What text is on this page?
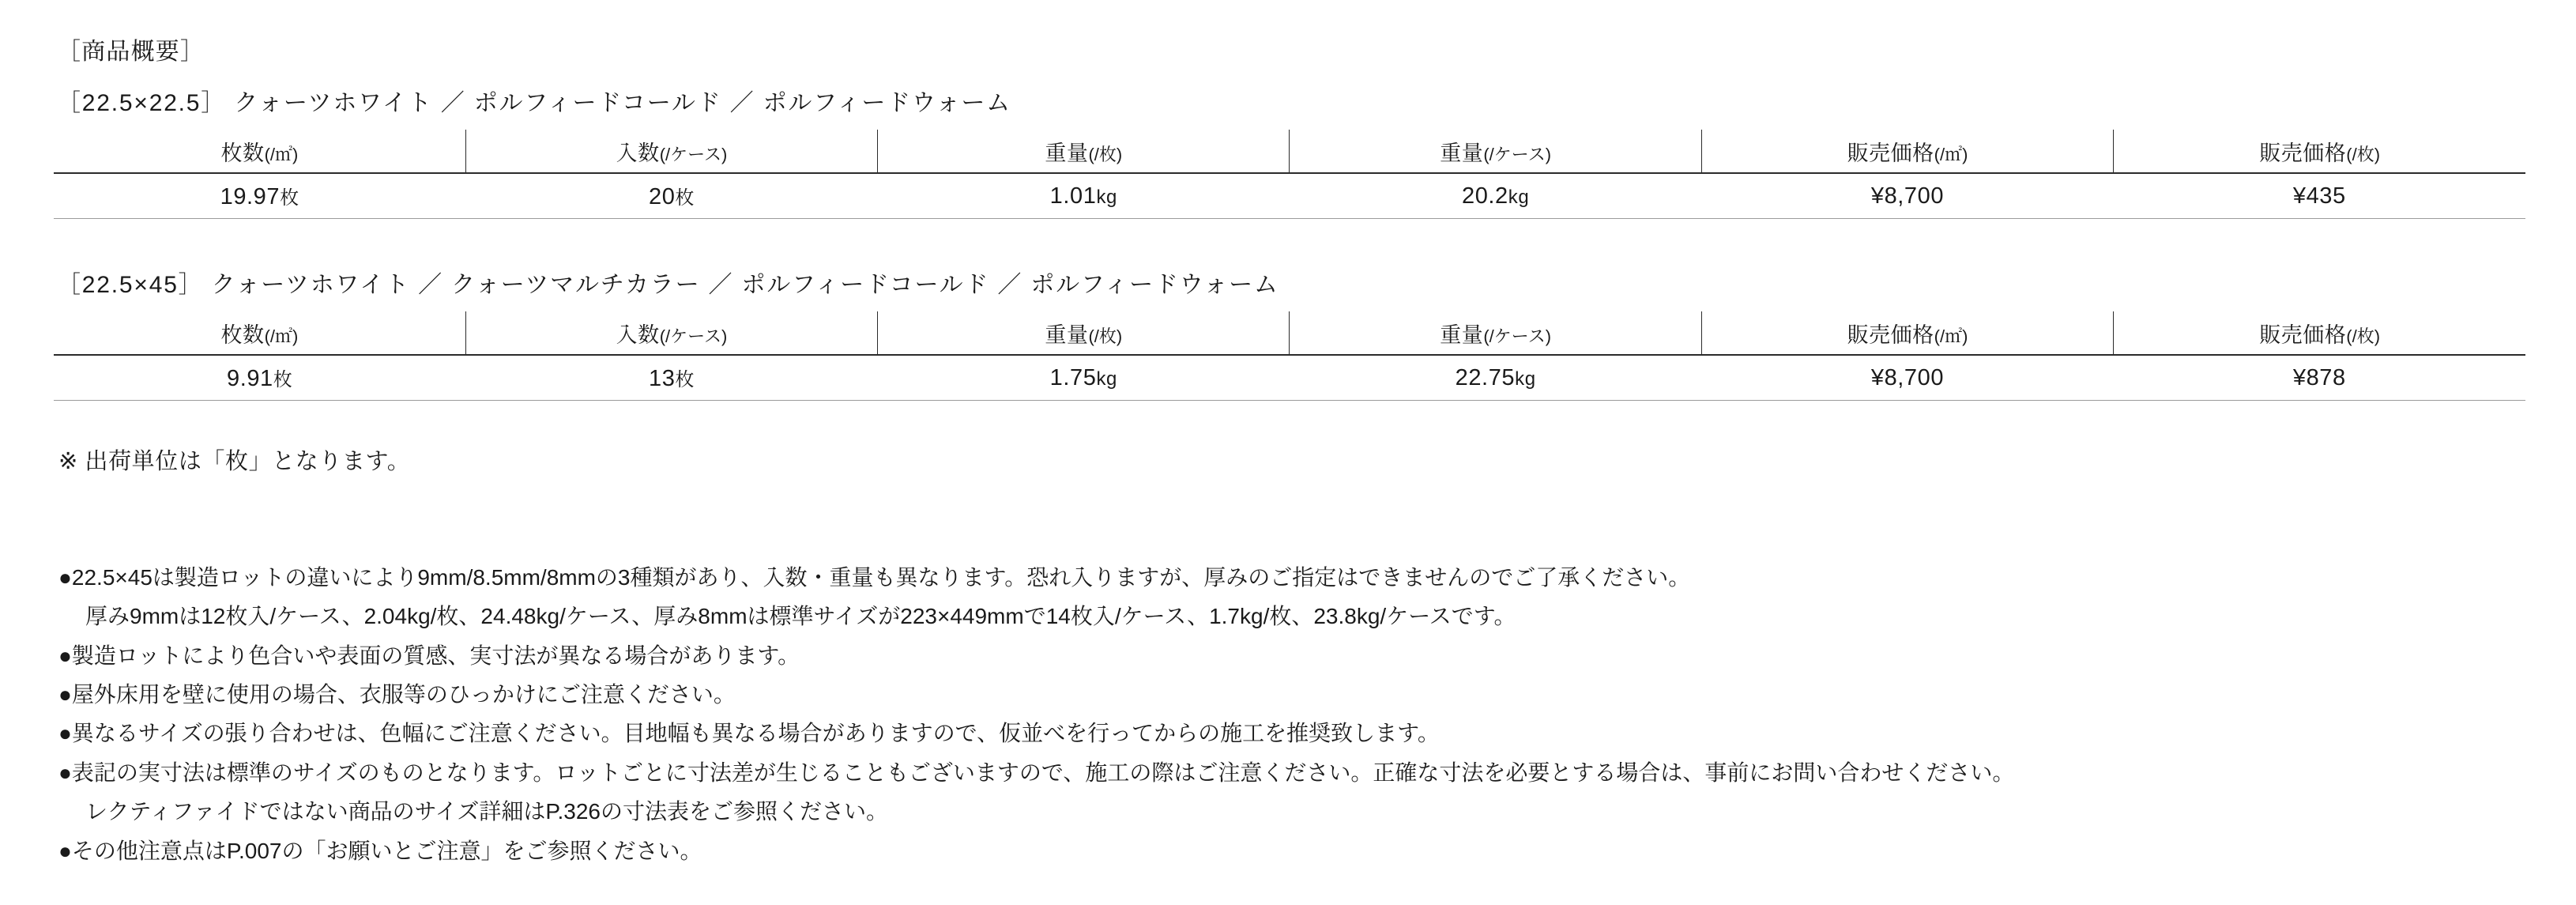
［商品概要］
［22.5×22.5］ クォーツホワイト ／ ポルフィードコールド ／ ポルフィードウォーム
枚数(/㎡)	入数(/ケース)	重量(/枚)	重量(/ケース)	販売価格(/㎡)	販売価格(/枚)
19.97枚	20枚	1.01kg	20.2kg	¥8,700	¥435
［22.5×45］ クォーツホワイト ／ クォーツマルチカラー ／ ポルフィードコールド ／ ポルフィードウォーム
枚数(/㎡)	入数(/ケース)	重量(/枚)	重量(/ケース)	販売価格(/㎡)	販売価格(/枚)
9.91枚	13枚	1.75kg	22.75kg	¥8,700	¥878
※ 出荷単位は「枚」となります。

●22.5×45は製造ロットの違いにより9mm/8.5mm/8mmの3種類があり、入数・重量も異なります。恐れ入りますが、厚みのご指定はできませんのでご了承ください。

厚み9mmは12枚入/ケース、2.04kg/枚、24.48kg/ケース、厚み8mmは標準サイズが223×449mmで14枚入/ケース、1.7kg/枚、23.8kg/ケースです。

●製造ロットにより色合いや表面の質感、実寸法が異なる場合があります。

●屋外床用を壁に使用の場合、衣服等のひっかけにご注意ください。

●異なるサイズの張り合わせは、色幅にご注意ください。目地幅も異なる場合がありますので、仮並べを行ってからの施工を推奨致します。

●表記の実寸法は標準のサイズのものとなります。ロットごとに寸法差が生じることもございますので、施工の際はご注意ください。正確な寸法を必要とする場合は、事前にお問い合わせください。

レクティファイドではない商品のサイズ詳細はP.326の寸法表をご参照ください。

●その他注意点はP.007の「お願いとご注意」をご参照ください。
